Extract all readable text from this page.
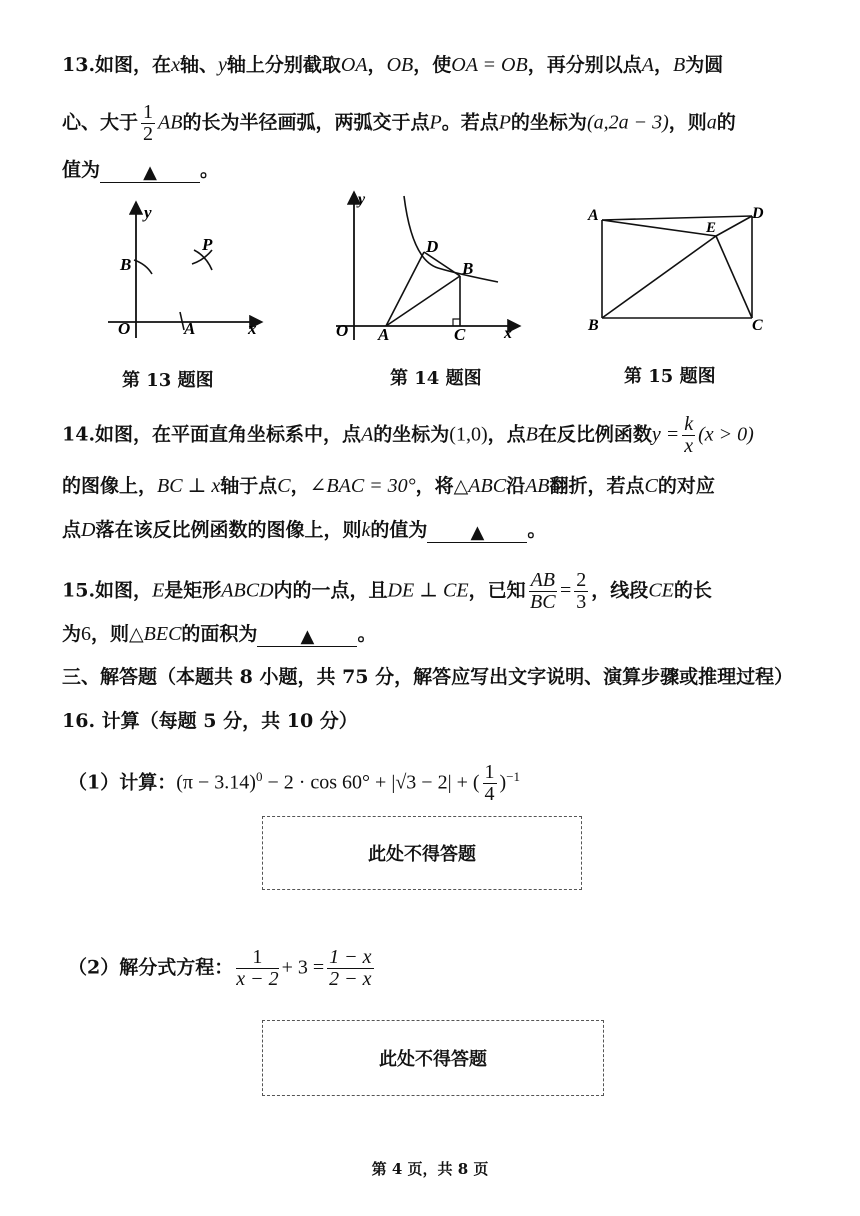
13.如图，在x轴、y轴上分别截取OA，OB，使OA = OB，再分别以点A，B为圆
心、大于 $\frac{1}{2}$ AB的长为半径画弧，两弧交于点P。若点P的坐标为(a,2a − 3)，则a的
值为 ▲ 。
y
B
P
O	A	x
第 13 题图
y
D
B
O A	C x
第 14 题图
A	D
E
B	C
第 15 题图
14.如图，在平面直角坐标系中，点A的坐标为(1,0)，点B在反比例函数$y = \frac{k}{x} (x > 0)$
的图像上，BC ⊥ x轴于点C，∠BAC = 30°，将△ABC沿AB翻折，若点C的对应
点D落在该反比例函数的图像上，则k的值为 ▲ 。
15.如图，E是矩形ABCD内的一点，且DE ⊥ CE，已知 $\frac{AB}{BC} = \frac{2}{3}$ ，线段CE的长
为6，则△BEC的面积为 ▲ 。
三、解答题（本题共 8 小题，共 75 分，解答应写出文字说明、演算步骤或推理过程）
16. 计算（每题 5 分，共 10 分）
（1）计算：$(\pi - 3.14)^0 - 2 \cdot \cos 60^\circ + |√3 - 2|$ + ( $\frac{1}{4} )^{-1}$
此处不得答题
（2）解分式方程： $\frac{1}{x - 2} + 3 = \frac{1 - x}{2 - x}$
此处不得答题
第 4 页，共 8 页
